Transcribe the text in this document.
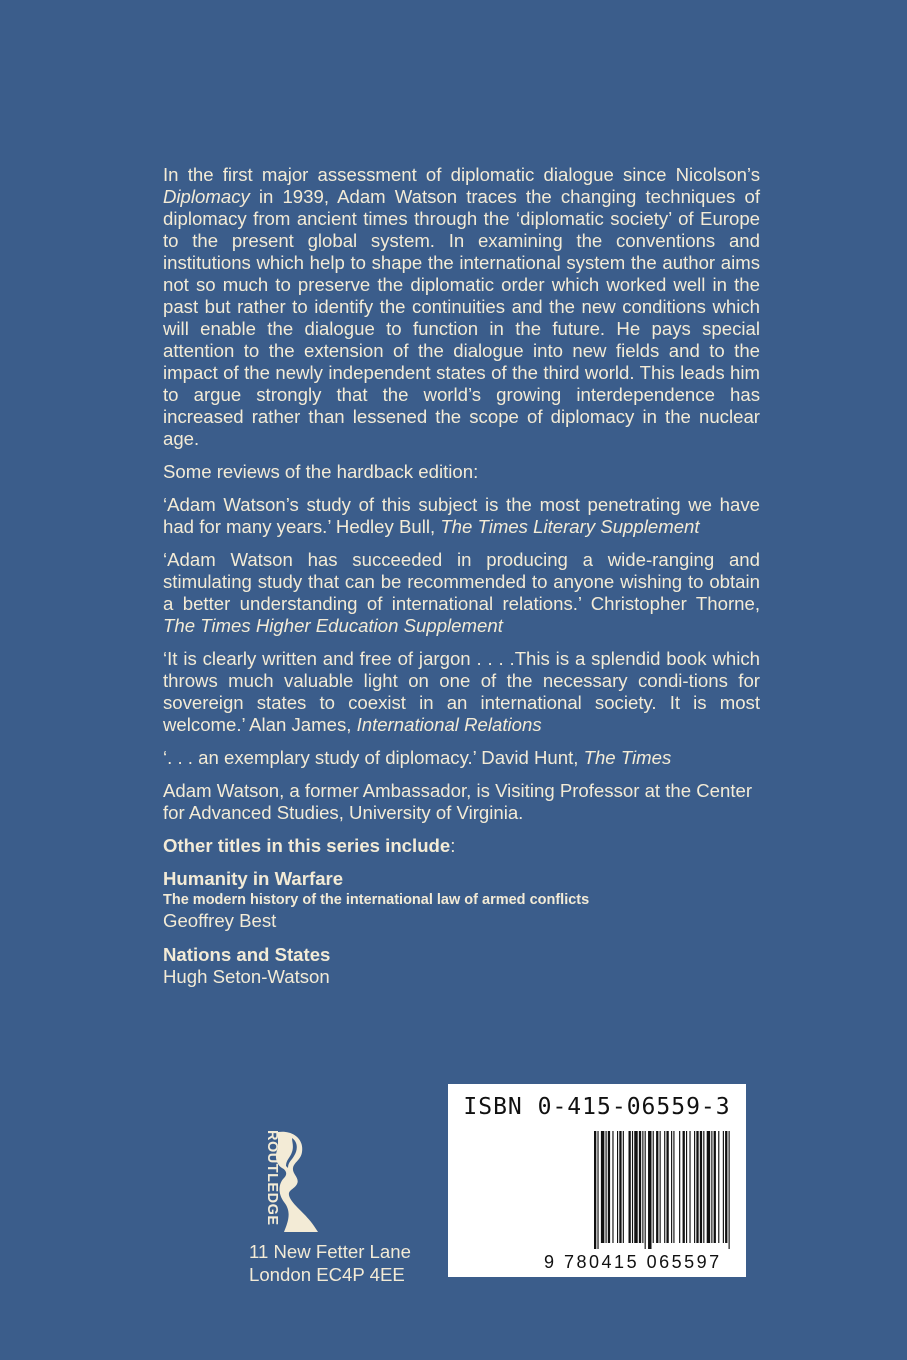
In the first major assessment of diplomatic dialogue since Nicolson’s Diplomacy in 1939, Adam Watson traces the changing techniques of diplomacy from ancient times through the ‘diplomatic society’ of Europe to the present global system. In examining the conventions and institutions which help to shape the international system the author aims not so much to preserve the diplomatic order which worked well in the past but rather to identify the continuities and the new conditions which will enable the dialogue to function in the future. He pays special attention to the extension of the dialogue into new fields and to the impact of the newly independent states of the third world. This leads him to argue strongly that the world’s growing interdependence has increased rather than lessened the scope of diplomacy in the nuclear age.

Some reviews of the hardback edition:

‘Adam Watson’s study of this subject is the most penetrating we have had for many years.’ Hedley Bull, The Times Literary Supplement

‘Adam Watson has succeeded in producing a wide-ranging and stimulating study that can be recommended to anyone wishing to obtain a better understanding of international relations.’ Christopher Thorne, The Times Higher Education Supplement

‘It is clearly written and free of jargon . . . .This is a splendid book which throws much valuable light on one of the necessary condi-tions for sovereign states to coexist in an international society. It is most welcome.’ Alan James, International Relations

‘. . . an exemplary study of diplomacy.’ David Hunt, The Times

Adam Watson, a former Ambassador, is Visiting Professor at the Center for Advanced Studies, University of Virginia.

Other titles in this series include:

Humanity in Warfare
The modern history of the international law of armed conflicts
Geoffrey Best
Nations and States
Hugh Seton-Watson
ROUTLEDGE
11 New Fetter Lane
London EC4P 4EE
ISBN 0-415-06559-3
9 780415 065597
